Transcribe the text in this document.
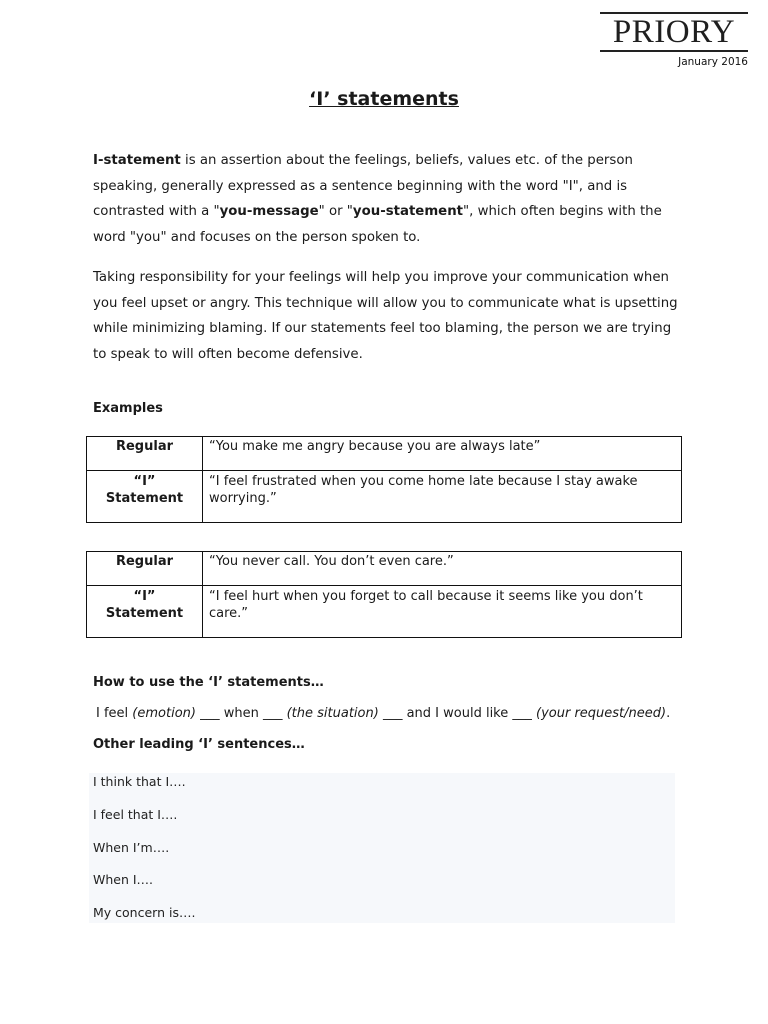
PRIORY
January 2016
‘I’ statements

I-statement is an assertion about the feelings, beliefs, values etc. of the person speaking, generally expressed as a sentence beginning with the word "I", and is contrasted with a "you-message" or "you-statement", which often begins with the word "you" and focuses on the person spoken to.

Taking responsibility for your feelings will help you improve your communication when you feel upset or angry. This technique will allow you to communicate what is upsetting while minimizing blaming. If our statements feel too blaming, the person we are trying to speak to will often become defensive.

Examples
Regular	“You make me angry because you are always late”
“I” Statement	“I feel frustrated when you come home late because I stay awake worrying.”
Regular	“You never call. You don’t even care.”
“I” Statement	“I feel hurt when you forget to call because it seems like you don’t care.”
How to use the ‘I’ statements…
I feel (emotion) ___ when ___ (the situation) ___ and I would like ___ (your request/need).
Other leading ‘I’ sentences…
I think that I….
I feel that I….
When I’m….
When I….
My concern is….
